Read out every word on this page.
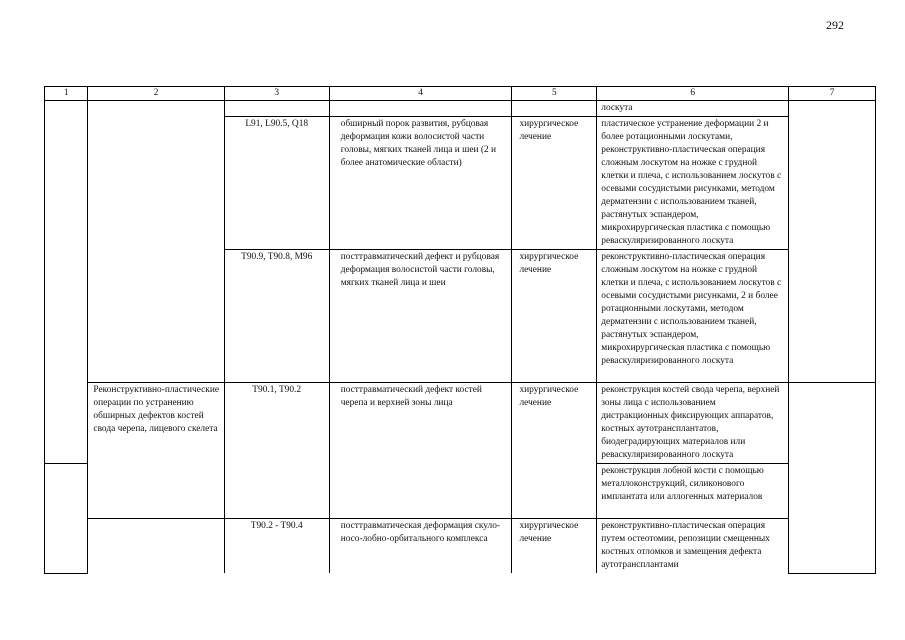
292
1	2	3	4	5	6	7
					лоскута	
		L91, L90.5, Q18	обширный порок развития, рубцовая деформация кожи волосистой части головы, мягких тканей лица и шеи (2 и более анатомические области)	хирургическое лечение	пластическое устранение деформации 2 и более ротационными лоскутами, реконструктивно-пластическая операция сложным лоскутом на ножке с грудной клетки и плеча, с использованием лоскутов с осевыми сосудистыми рисунками, методом дерматензии с использованием тканей, растянутых эспандером, микрохирургическая пластика с помощью реваскуляризированного лоскута	
		T90.9, T90.8, M96	посттравматический дефект и рубцовая деформация волосистой части головы, мягких тканей лица и шеи	хирургическое лечение	реконструктивно-пластическая операция сложным лоскутом на ножке с грудной клетки и плеча, с использованием лоскутов с осевыми сосудистыми рисунками, 2 и более ротационными лоскутами, методом дерматензии с использованием тканей, растянутых эспандером, микрохирургическая пластика с помощью реваскуляризированного лоскута	
	Реконструктивно-пластические операции по устранению обширных дефектов костей свода черепа, лицевого скелета	T90.1, T90.2	посттравматический дефект костей черепа и верхней зоны лица	хирургическое лечение	реконструкция костей свода черепа, верхней зоны лица с использованием дистракционных фиксирующих аппаратов, костных аутотрансплантатов, биодеградирующих материалов или реваскуляризированного лоскута	
					реконструкция лобной кости с помощью металлоконструкций, силиконового имплантата или аллогенных материалов	
		T90.2 - T90.4	посттравматическая деформация скуло-носо-лобно-орбитального комплекса	хирургическое лечение	реконструктивно-пластическая операция путем остеотомии, репозиции смещенных костных отломков и замещения дефекта аутотрансплантами	
